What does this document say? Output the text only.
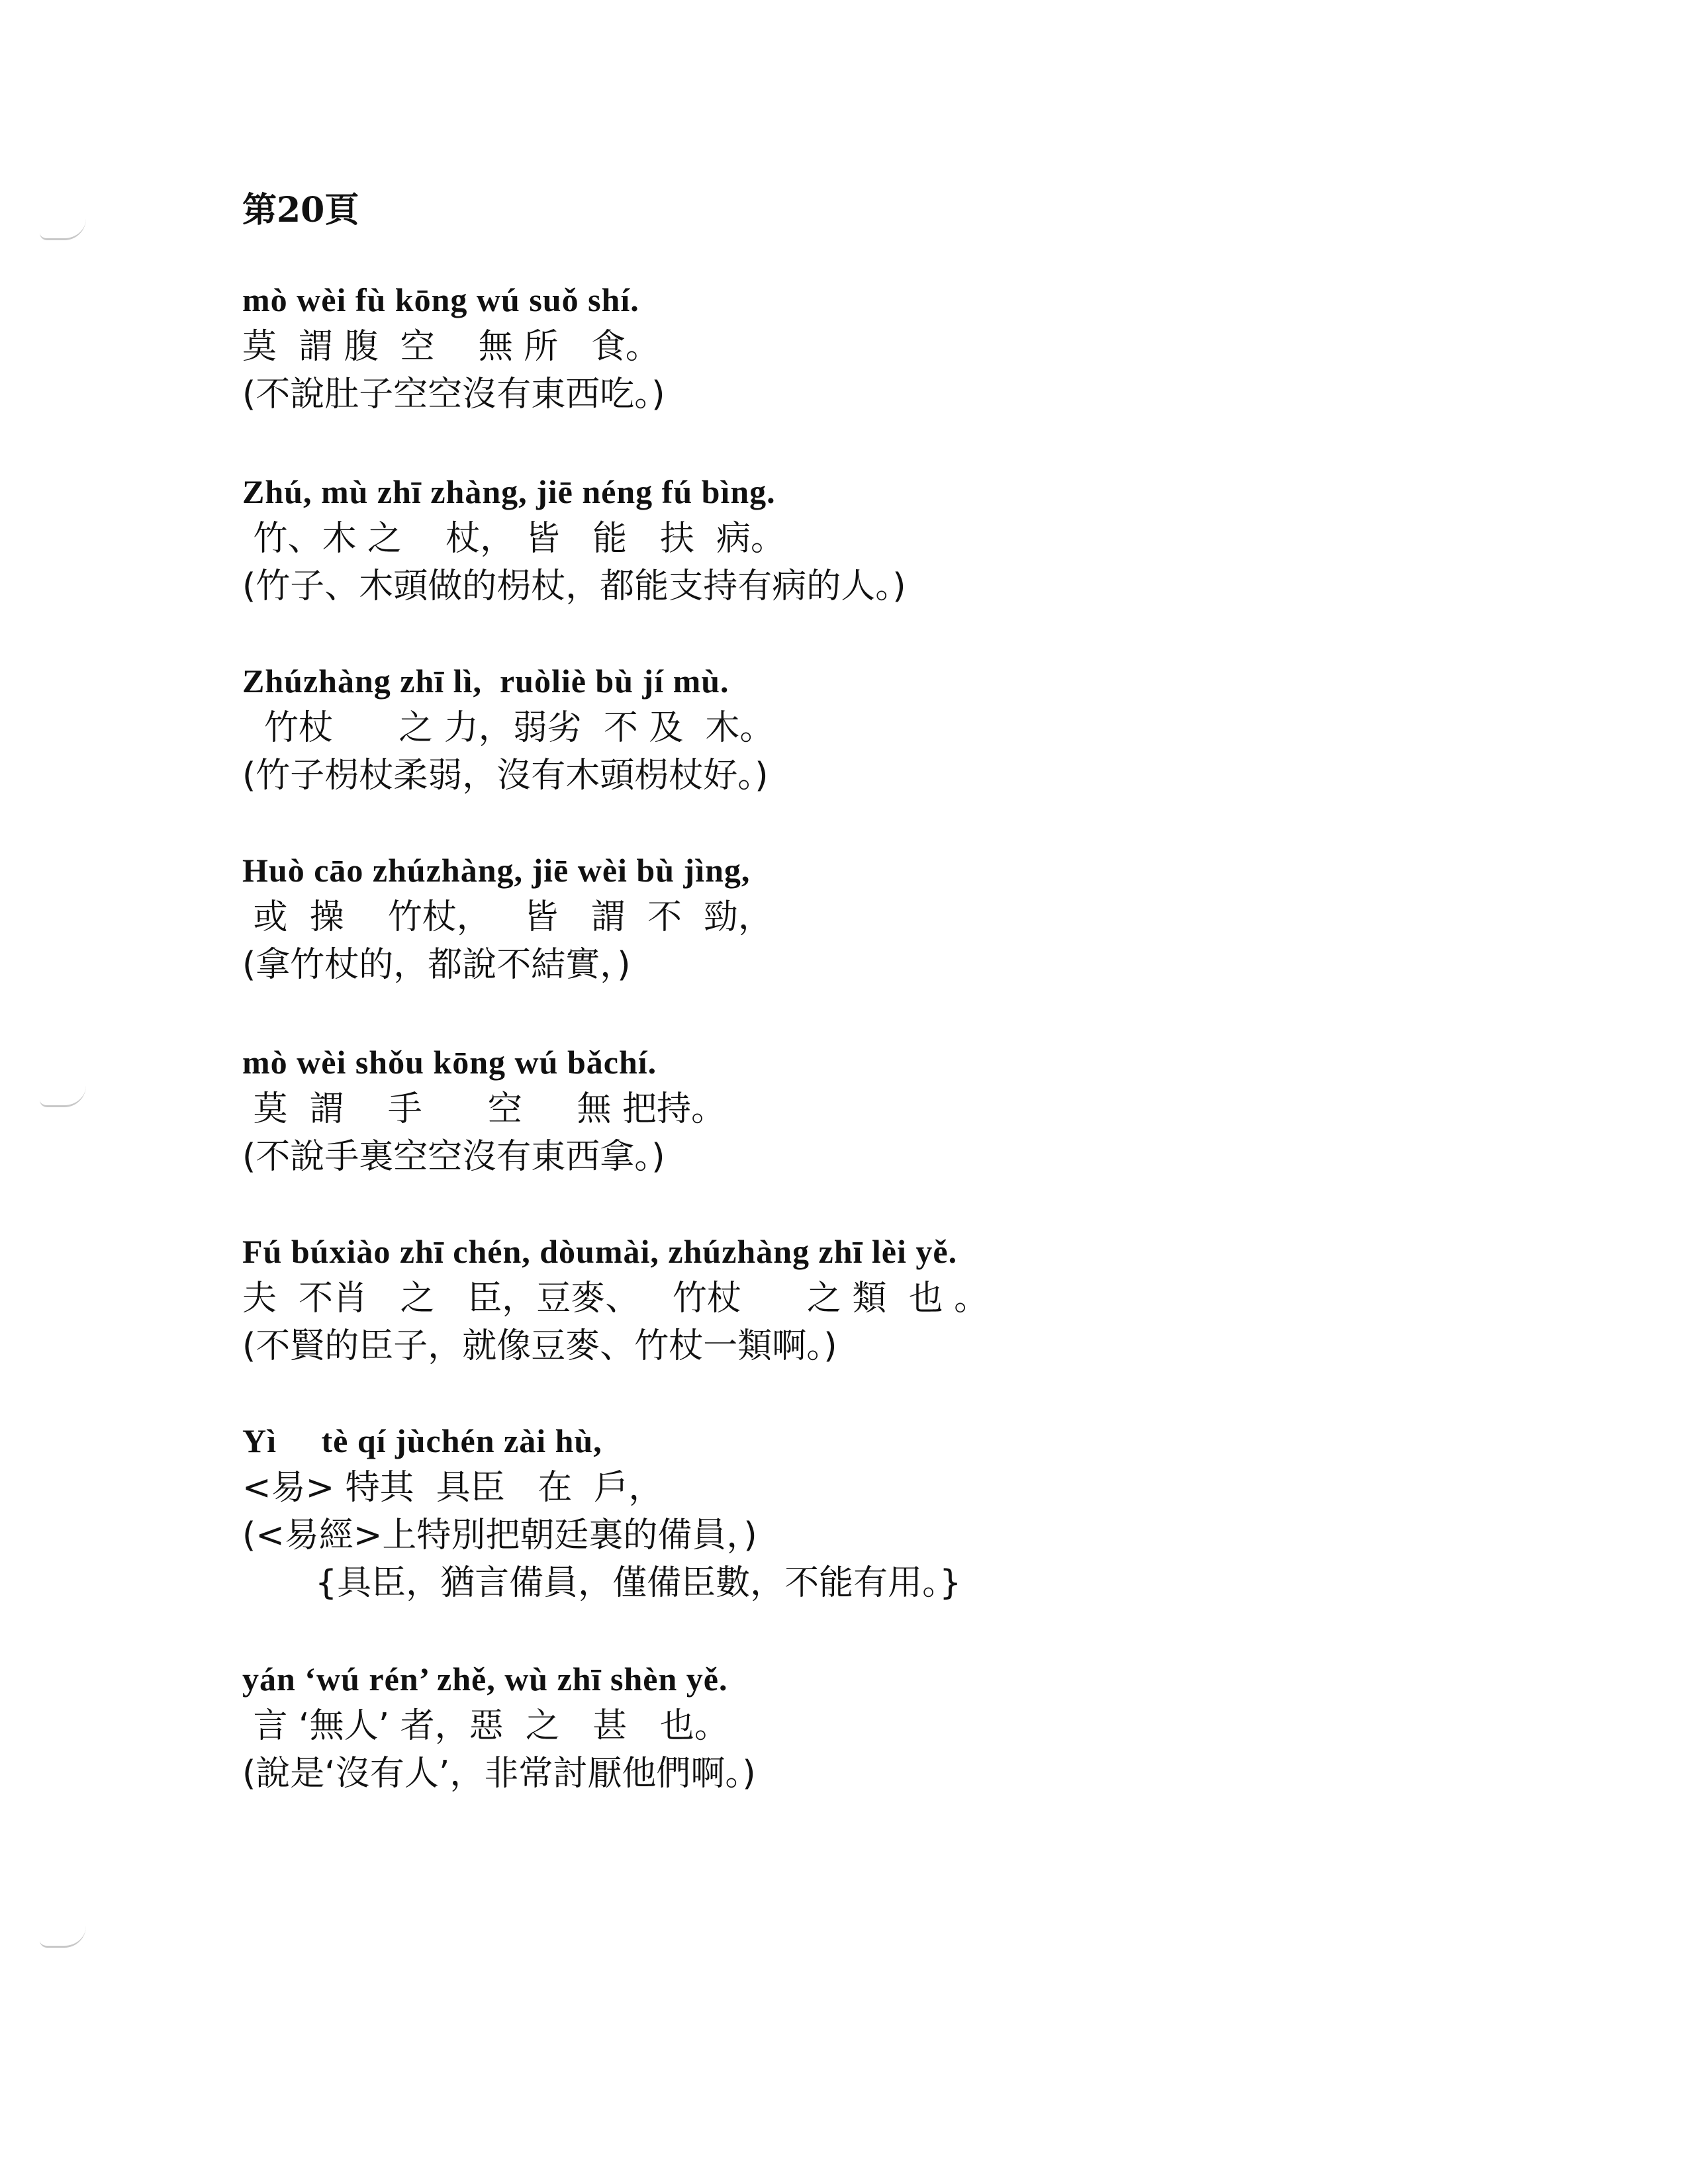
第20頁
mò wèi fù kōng wú suǒ shí.
莫  謂 腹  空    無 所   食。
(不說肚子空空沒有東西吃。)
Zhú, mù zhī zhàng, jiē néng fú bìng.
竹、木 之    杖， 皆   能   扶  病。
(竹子、木頭做的枴杖，都能支持有病的人。)
Zhúzhàng zhī lì,  ruòliè bù jí mù.
竹杖      之 力，弱劣  不 及  木。
(竹子枴杖柔弱，沒有木頭枴杖好。)
Huò cāo zhúzhàng, jiē wèi bù jìng,
或  操    竹杖，   皆   謂  不  勁，
(拿竹杖的，都說不結實，)
mò wèi shǒu kōng wú bǎchí.
莫  謂    手      空     無 把持。
(不說手裏空空沒有東西拿。)
Fú búxiào zhī chén, dòumài, zhúzhàng zhī lèi yě.
夫  不肖   之   臣，豆麥、   竹杖      之 類  也 。
(不賢的臣子，就像豆麥、竹杖一類啊。)
Yì     tè qí jùchén zài hù,
<易> 特其  具臣   在  戶，
(<易經>上特別把朝廷裏的備員，)
{具臣，猶言備員，僅備臣數，不能有用。}
yán ‘wú rén’ zhě, wù zhī shèn yě.
言 ‘無人’ 者，惡  之   甚   也。
(說是‘沒有人’，非常討厭他們啊。)
